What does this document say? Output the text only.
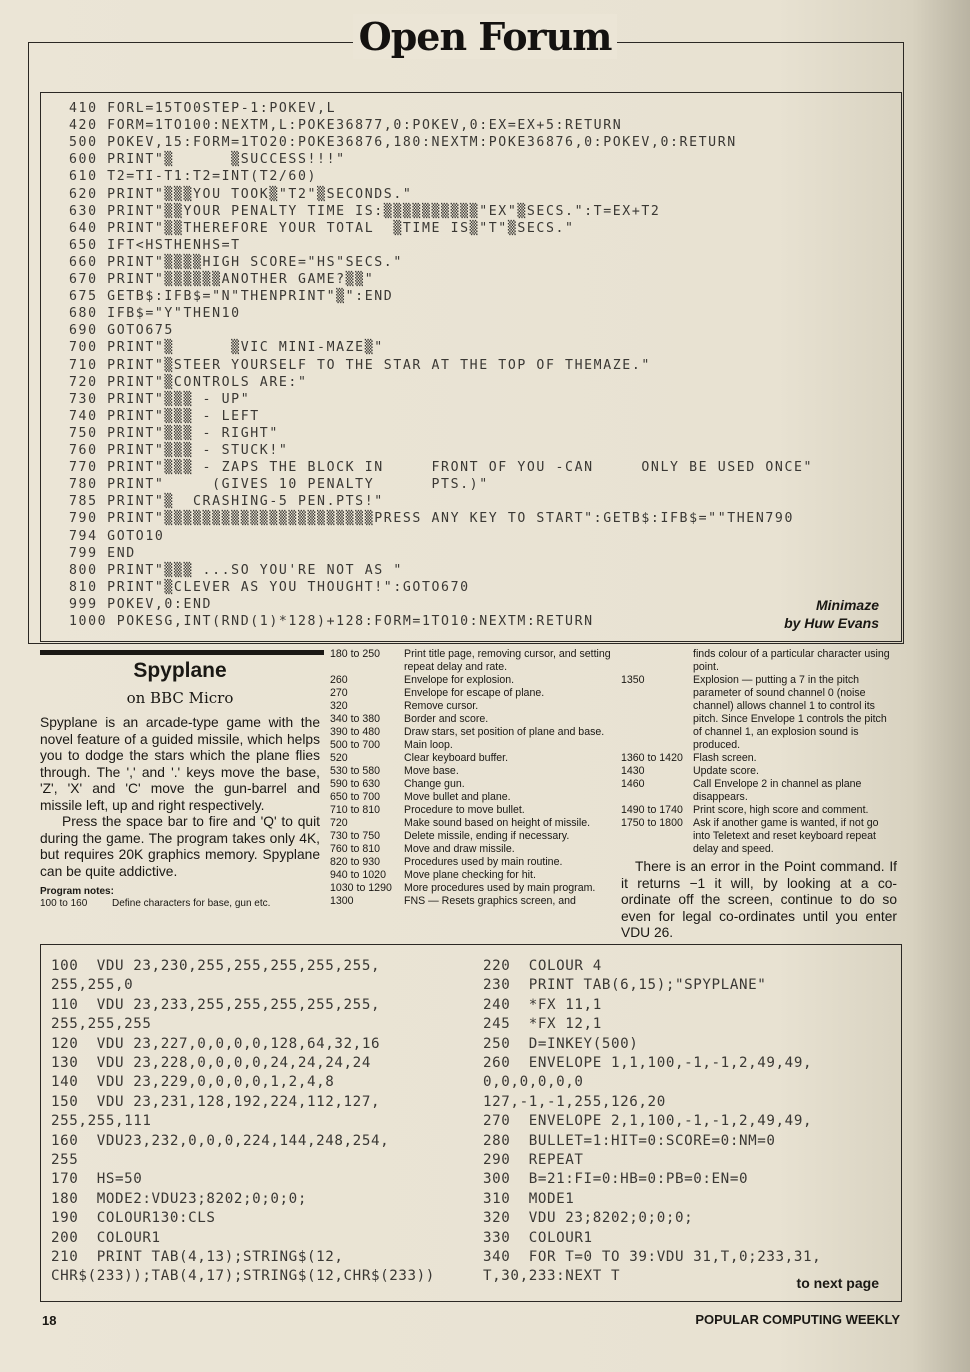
Open Forum
410 FORL=15TO0STEP-1:POKEV,L
420 FORM=1TO100:NEXTM,L:POKE36877,0:POKEV,0:EX=EX+5:RETURN
500 POKEV,15:FORM=1TO20:POKE36876,180:NEXTM:POKE36876,0:POKEV,0:RETURN
600 PRINT"▒      ▒SUCCESS!!!"
610 T2=TI-T1:T2=INT(T2/60)
620 PRINT"▒▒▒YOU TOOK▒"T2"▒SECONDS."
630 PRINT"▒▒YOUR PENALTY TIME IS:▒▒▒▒▒▒▒▒▒▒"EX"▒SECS.":T=EX+T2
640 PRINT"▒▒THEREFORE YOUR TOTAL  ▒TIME IS▒"T"▒SECS."
650 IFT<HSTHENHS=T
660 PRINT"▒▒▒▒HIGH SCORE="HS"SECS."
670 PRINT"▒▒▒▒▒▒ANOTHER GAME?▒▒"
675 GETB$:IFB$="N"THENPRINT"▒":END
680 IFB$="Y"THEN10
690 GOTO675
700 PRINT"▒      ▒VIC MINI-MAZE▒"
710 PRINT"▒STEER YOURSELF TO THE STAR AT THE TOP OF THEMAZE."
720 PRINT"▒CONTROLS ARE:"
730 PRINT"▒▒▒ - UP"
740 PRINT"▒▒▒ - LEFT
750 PRINT"▒▒▒ - RIGHT"
760 PRINT"▒▒▒ - STUCK!"
770 PRINT"▒▒▒ - ZAPS THE BLOCK IN     FRONT OF YOU -CAN     ONLY BE USED ONCE"
780 PRINT"     (GIVES 10 PENALTY      PTS.)"
785 PRINT"▒  CRASHING-5 PEN.PTS!"
790 PRINT"▒▒▒▒▒▒▒▒▒▒▒▒▒▒▒▒▒▒▒▒▒▒PRESS ANY KEY TO START":GETB$:IFB$=""THEN790
794 GOTO10
799 END
800 PRINT"▒▒▒ ...SO YOU'RE NOT AS "
810 PRINT"▒CLEVER AS YOU THOUGHT!":GOTO670
999 POKEV,0:END
1000 POKESG,INT(RND(1)*128)+128:FORM=1TO10:NEXTM:RETURN
Minimaze
by Huw Evans
Spyplane
on BBC Micro

Spyplane is an arcade-type game with the novel feature of a guided missile, which helps you to dodge the stars which the plane flies through. The ',' and '.' keys move the base, 'Z', 'X' and 'C' move the gun-barrel and missile left, up and right respectively.

Press the space bar to fire and 'Q' to quit during the game. The program takes only 4K, but requires 20K graphics memory. Spyplane can be quite addictive.

Program notes:
100 to 160	Define characters for base, gun etc.
180 to 250	Print title page, removing cursor, and setting repeat delay and rate.
260	Envelope for explosion.
270	Envelope for escape of plane.
320	Remove cursor.
340 to 380	Border and score.
390 to 480	Draw stars, set position of plane and base.
500 to 700	Main loop.
520	Clear keyboard buffer.
530 to 580	Move base.
590 to 630	Change gun.
650 to 700	Move bullet and plane.
710 to 810	Procedure to move bullet.
720	Make sound based on height of missile.
730 to 750	Delete missile, ending if necessary.
760 to 810	Move and draw missile.
820 to 930	Procedures used by main routine.
940 to 1020	Move plane checking for hit.
1030 to 1290	More procedures used by main program.
1300	FNS — Resets graphics screen, and
finds colour of a particular character using point.
1350	Explosion — putting a 7 in the pitch parameter of sound channel 0 (noise channel) allows channel 1 to control its pitch. Since Envelope 1 controls the pitch of channel 1, an explosion sound is produced.
1360 to 1420 Flash screen.
1430	Update score.
1460	Call Envelope 2 in channel as plane disappears.
1490 to 1740 Print score, high score and comment.
1750 to 1800 Ask if another game is wanted, if not go into Teletext and reset keyboard repeat delay and speed.
There is an error in the Point command. If it returns −1 it will, by looking at a co-ordinate off the screen, continue to do so even for legal co-ordinates until you enter VDU 26.
100  VDU 23,230,255,255,255,255,255,
255,255,0
110  VDU 23,233,255,255,255,255,255,
255,255,255
120  VDU 23,227,0,0,0,0,128,64,32,16
130  VDU 23,228,0,0,0,0,24,24,24,24
140  VDU 23,229,0,0,0,0,1,2,4,8
150  VDU 23,231,128,192,224,112,127,
255,255,111
160  VDU23,232,0,0,0,224,144,248,254,
255
170  HS=50
180  MODE2:VDU23;8202;0;0;0;
190  COLOUR130:CLS
200  COLOUR1
210  PRINT TAB(4,13);STRING$(12,
CHR$(233));TAB(4,17);STRING$(12,CHR$(233))
220  COLOUR 4
230  PRINT TAB(6,15);"SPYPLANE"
240  *FX 11,1
245  *FX 12,1
250  D=INKEY(500)
260  ENVELOPE 1,1,100,-1,-1,2,49,49,
0,0,0,0,0,0
127,-1,-1,255,126,20
270  ENVELOPE 2,1,100,-1,-1,2,49,49,
280  BULLET=1:HIT=0:SCORE=0:NM=0
290  REPEAT
300  B=21:FI=0:HB=0:PB=0:EN=0
310  MODE1
320  VDU 23;8202;0;0;0;
330  COLOUR1
340  FOR T=0 TO 39:VDU 31,T,0;233,31,
T,30,233:NEXT T	to next page
18	POPULAR COMPUTING WEEKLY
